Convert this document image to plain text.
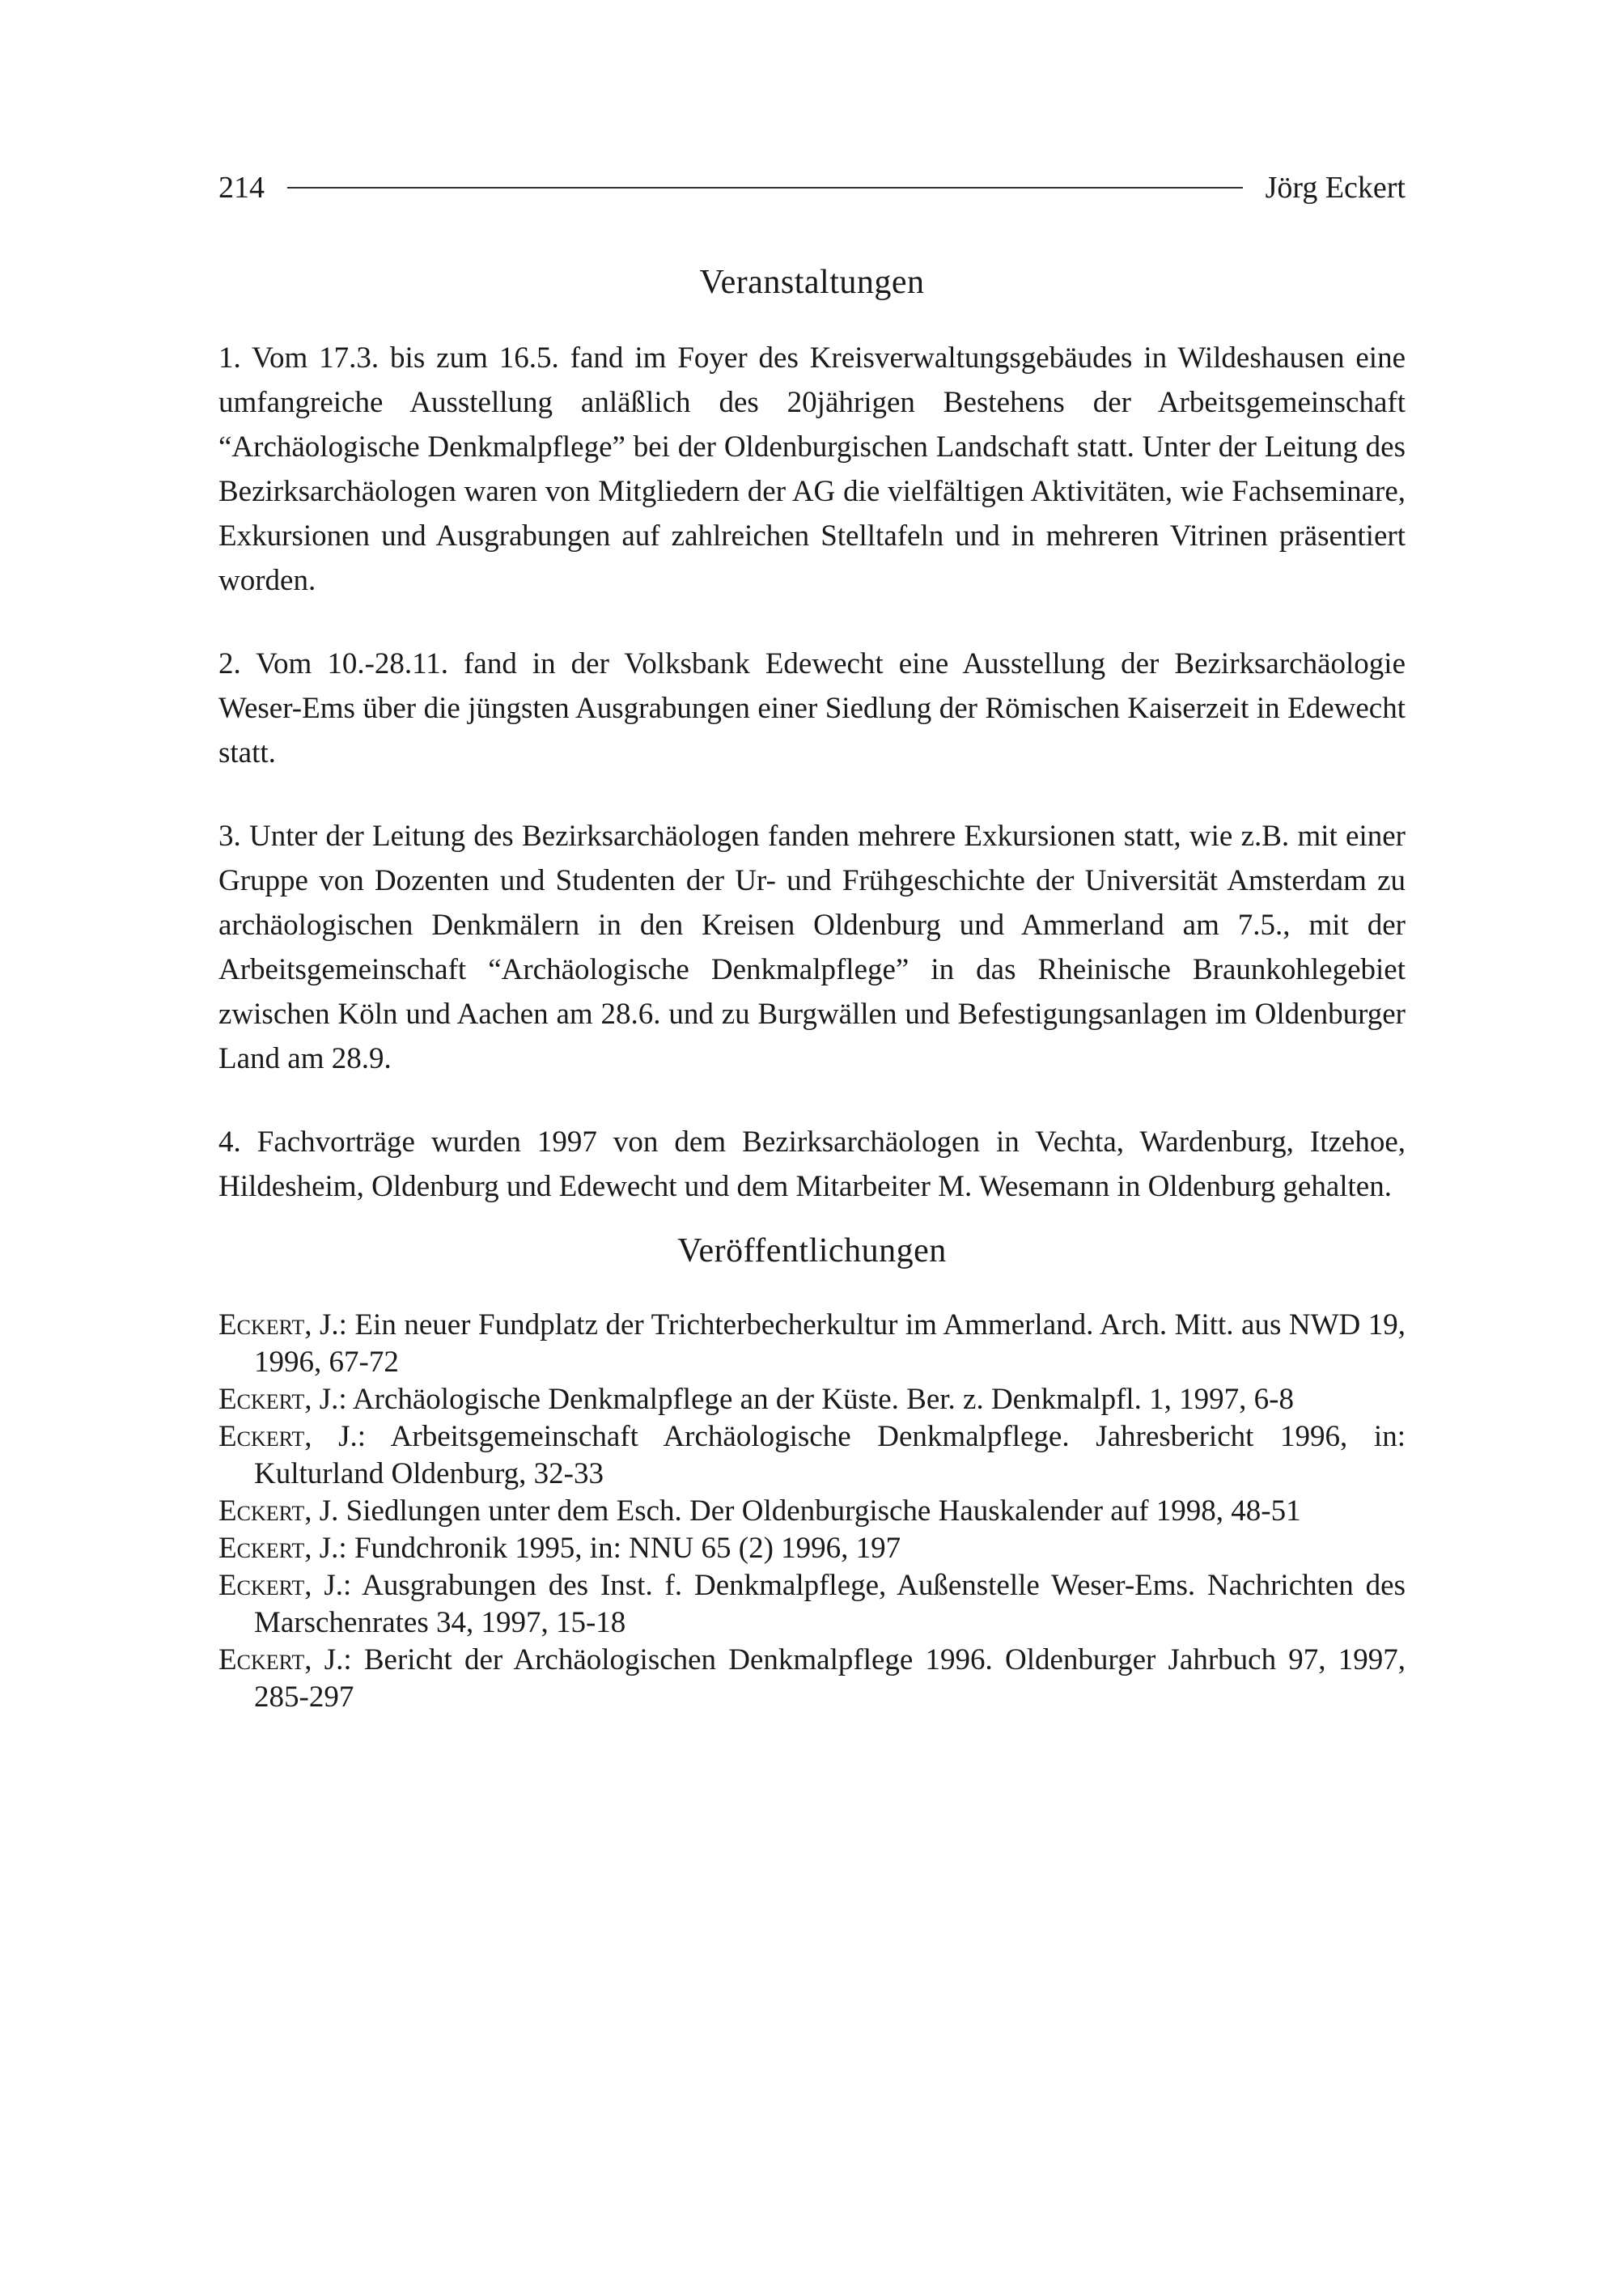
214	Jörg Eckert
Veranstaltungen

1. Vom 17.3. bis zum 16.5. fand im Foyer des Kreisverwaltungsgebäudes in Wildeshausen eine umfangreiche Ausstellung anläßlich des 20jährigen Bestehens der Arbeitsgemeinschaft “Archäologische Denkmalpflege” bei der Oldenburgischen Landschaft statt. Unter der Leitung des Bezirksarchäologen waren von Mitgliedern der AG die vielfältigen Aktivitäten, wie Fachseminare, Exkursionen und Ausgrabungen auf zahlreichen Stelltafeln und in mehreren Vitrinen präsentiert worden.

2. Vom 10.-28.11. fand in der Volksbank Edewecht eine Ausstellung der Bezirksarchäologie Weser-Ems über die jüngsten Ausgrabungen einer Siedlung der Römischen Kaiserzeit in Edewecht statt.

3. Unter der Leitung des Bezirksarchäologen fanden mehrere Exkursionen statt, wie z.B. mit einer Gruppe von Dozenten und Studenten der Ur- und Frühgeschichte der Universität Amsterdam zu archäologischen Denkmälern in den Kreisen Oldenburg und Ammerland am 7.5., mit der Arbeitsgemeinschaft “Archäologische Denkmalpflege” in das Rheinische Braunkohlegebiet zwischen Köln und Aachen am 28.6. und zu Burgwällen und Befestigungsanlagen im Oldenburger Land am 28.9.

4. Fachvorträge wurden 1997 von dem Bezirksarchäologen in Vechta, Wardenburg, Itzehoe, Hildesheim, Oldenburg und Edewecht und dem Mitarbeiter M. Wesemann in Oldenburg gehalten.

Veröffentlichungen
Eckert, J.: Ein neuer Fundplatz der Trichterbecherkultur im Ammerland. Arch. Mitt. aus NWD 19, 1996, 67-72
Eckert, J.: Archäologische Denkmalpflege an der Küste. Ber. z. Denkmalpfl. 1, 1997, 6-8
Eckert, J.: Arbeitsgemeinschaft Archäologische Denkmalpflege. Jahresbericht 1996, in: Kulturland Oldenburg, 32-33
Eckert, J. Siedlungen unter dem Esch. Der Oldenburgische Hauskalender auf 1998, 48-51
Eckert, J.: Fundchronik 1995, in: NNU 65 (2) 1996, 197
Eckert, J.: Ausgrabungen des Inst. f. Denkmalpflege, Außenstelle Weser-Ems. Nachrichten des Marschenrates 34, 1997, 15-18
Eckert, J.: Bericht der Archäologischen Denkmalpflege 1996. Oldenburger Jahrbuch 97, 1997, 285-297
